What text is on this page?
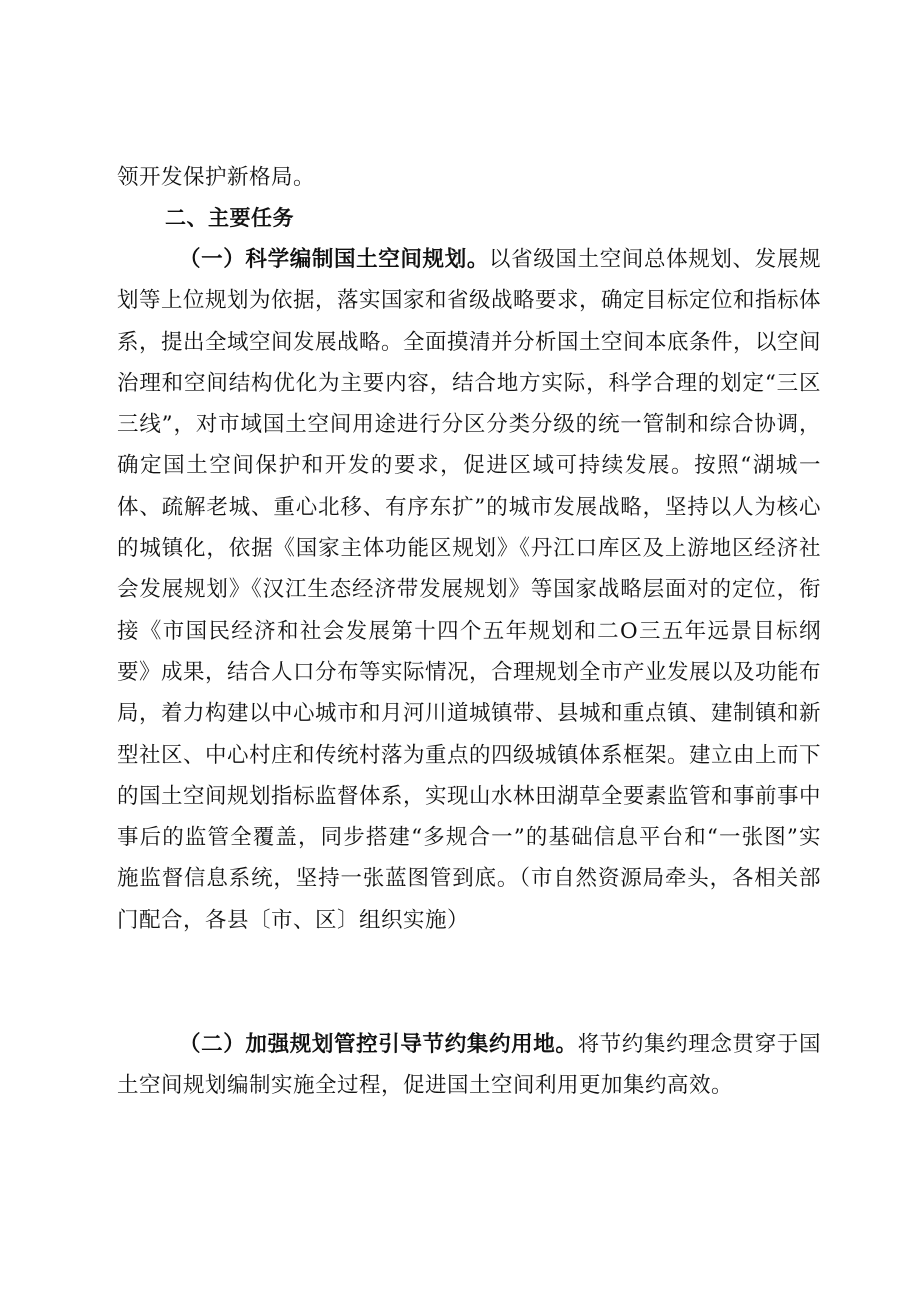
领开发保护新格局。
二、主要任务
（一）科学编制国土空间规划。以省级国土空间总体规划、发展规划等上位规划为依据，落实国家和省级战略要求，确定目标定位和指标体系，提出全域空间发展战略。全面摸清并分析国土空间本底条件，以空间治理和空间结构优化为主要内容，结合地方实际，科学合理的划定“三区三线”，对市域国土空间用途进行分区分类分级的统一管制和综合协调，确定国土空间保护和开发的要求，促进区域可持续发展。按照“湖城一体、疏解老城、重心北移、有序东扩”的城市发展战略，坚持以人为核心的城镇化，依据《国家主体功能区规划》《丹江口库区及上游地区经济社会发展规划》《汉江生态经济带发展规划》等国家战略层面对的定位，衔接《市国民经济和社会发展第十四个五年规划和二O三五年远景目标纲要》成果，结合人口分布等实际情况，合理规划全市产业发展以及功能布局，着力构建以中心城市和月河川道城镇带、县城和重点镇、建制镇和新型社区、中心村庄和传统村落为重点的四级城镇体系框架。建立由上而下的国土空间规划指标监督体系，实现山水林田湖草全要素监管和事前事中事后的监管全覆盖，同步搭建“多规合一”的基础信息平台和“一张图”实施监督信息系统，坚持一张蓝图管到底。（市自然资源局牵头，各相关部门配合，各县〔市、区〕组织实施）
（二）加强规划管控引导节约集约用地。将节约集约理念贯穿于国土空间规划编制实施全过程，促进国土空间利用更加集约高效。
